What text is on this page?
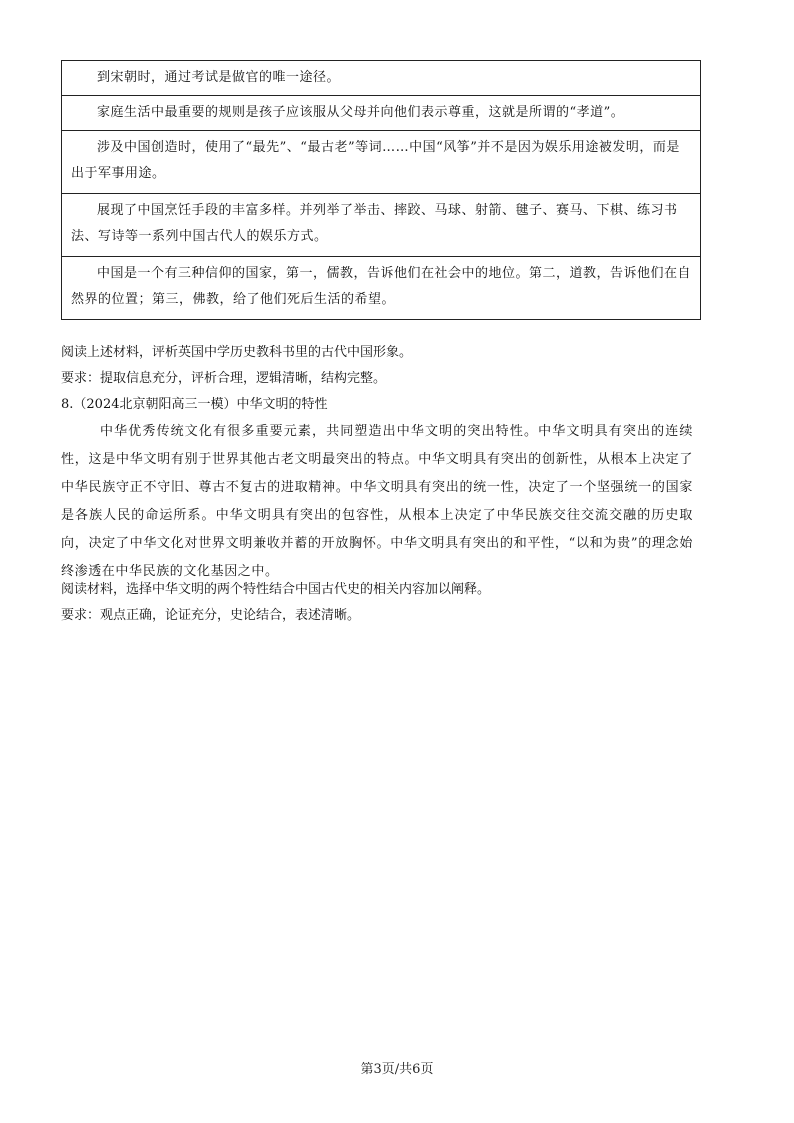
到宋朝时，通过考试是做官的唯一途径。
家庭生活中最重要的规则是孩子应该服从父母并向他们表示尊重，这就是所谓的“孝道”。
涉及中国创造时，使用了“最先”、“最古老”等词……中国“风筝”并不是因为娱乐用途被发明，而是出于军事用途。
展现了中国烹饪手段的丰富多样。并列举了举击、摔跤、马球、射箭、毽子、赛马、下棋、练习书法、写诗等一系列中国古代人的娱乐方式。
中国是一个有三种信仰的国家，第一，儒教，告诉他们在社会中的地位。第二，道教，告诉他们在自然界的位置；第三，佛教，给了他们死后生活的希望。
阅读上述材料，评析英国中学历史教科书里的古代中国形象。
要求：提取信息充分，评析合理，逻辑清晰，结构完整。
8.（2024北京朝阳高三一模）中华文明的特性
中华优秀传统文化有很多重要元素，共同塑造出中华文明的突出特性。中华文明具有突出的连续性，这是中华文明有别于世界其他古老文明最突出的特点。中华文明具有突出的创新性，从根本上决定了中华民族守正不守旧、尊古不复古的进取精神。中华文明具有突出的统一性，决定了一个坚强统一的国家是各族人民的命运所系。中华文明具有突出的包容性，从根本上决定了中华民族交往交流交融的历史取向，决定了中华文化对世界文明兼收并蓄的开放胸怀。中华文明具有突出的和平性，“以和为贵”的理念始终渗透在中华民族的文化基因之中。
阅读材料，选择中华文明的两个特性结合中国古代史的相关内容加以阐释。
要求：观点正确，论证充分，史论结合，表述清晰。
第3页/共6页
